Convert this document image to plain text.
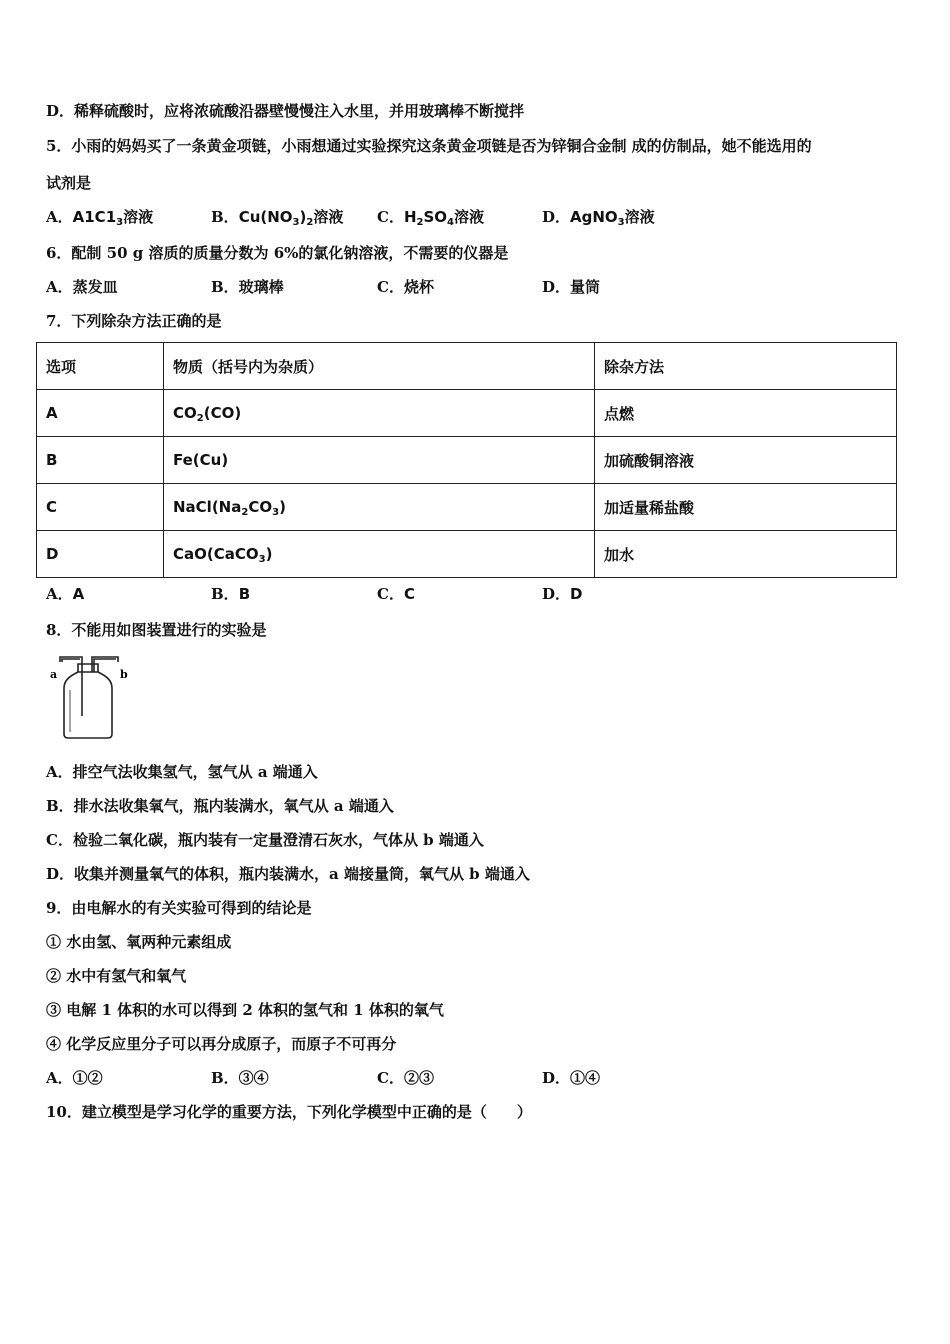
D．稀释硫酸时，应将浓硫酸沿器壁慢慢注入水里，并用玻璃棒不断搅拌
5．小雨的妈妈买了一条黄金项链，小雨想通过实验探究这条黄金项链是否为锌铜合金制 成的仿制品，她不能选用的
试剂是
A．$A1C1_3$溶液	B．$Cu(NO_3)_2$溶液 C．$H_2SO_4$溶液	D．AgNO$_3$溶液
6．配制 50 g 溶质的质量分数为 6%的氯化钠溶液，不需要的仪器是
A．蒸发皿	B．玻璃棒	C．烧杯	D．量筒
7．下列除杂方法正确的是
选项	物质（括号内为杂质）	除杂方法
A	$CO_2(CO)$	点燃
B	Fe(Cu)	加硫酸铜溶液
C	$NaCl(Na_2CO_3)$	加适量稀盐酸
D	CaO(CaCO$_3$)	加水
A．A	B．B	C．C	D．D
8．不能用如图装置进行的实验是
a	b
A．排空气法收集氢气，氢气从 a 端通入
B．排水法收集氧气，瓶内装满水，氧气从 a 端通入
C．检验二氧化碳，瓶内装有一定量澄清石灰水，气体从 b 端通入
D．收集并测量氧气的体积，瓶内装满水，a 端接量筒，氧气从 b 端通入
9．由电解水的有关实验可得到的结论是
① 水由氢、氧两种元素组成
② 水中有氢气和氧气
③ 电解 1 体积的水可以得到 2 体积的氢气和 1 体积的氧气
④ 化学反应里分子可以再分成原子，而原子不可再分
A．①②	B．③④	C．②③	D．①④
10．建立模型是学习化学的重要方法，下列化学模型中正确的是（　　）
